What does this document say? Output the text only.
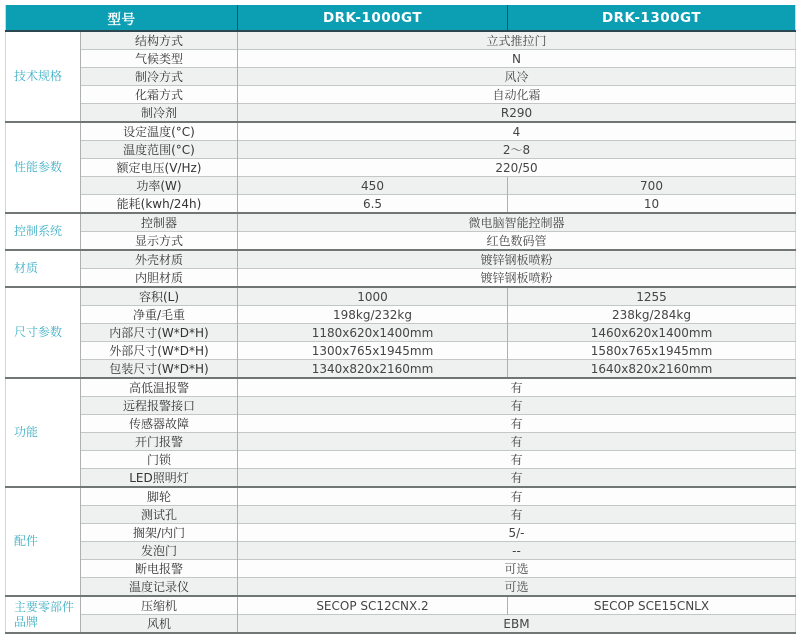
型号		DRK-1000GT	DRK-1300GT
技术规格	结构方式	立式推拉门	
	气候类型	N	
	制冷方式	风冷	
	化霜方式	自动化霜	
	制冷剂	R290	
性能参数	设定温度(°C)	4	
	温度范围(°C)	2～8	
	额定电压(V/Hz)	220/50	
	功率(W)	450	700
	能耗(kwh/24h)	6.5	10
控制系统	控制器	微电脑智能控制器	
	显示方式	红色数码管	
材质	外壳材质	镀锌钢板喷粉	
	内胆材质	镀锌钢板喷粉	
尺寸参数	容积(L)	1000	1255
	净重/毛重	198kg/232kg	238kg/284kg
	内部尺寸(W*D*H)	1180x620x1400mm	1460x620x1400mm
	外部尺寸(W*D*H)	1300x765x1945mm	1580x765x1945mm
	包装尺寸(W*D*H)	1340x820x2160mm	1640x820x2160mm
功能	高低温报警	有	
	远程报警接口	有	
	传感器故障	有	
	开门报警	有	
	门锁	有	
	LED照明灯	有	
配件	脚轮	有	
	测试孔	有	
	搁架/内门	5/-	
	发泡门	--	
	断电报警	可选	
	温度记录仪	可选	
主要零部件品牌	压缩机	SECOP SC12CNX.2	SECOP SCE15CNLX
	风机	EBM	
